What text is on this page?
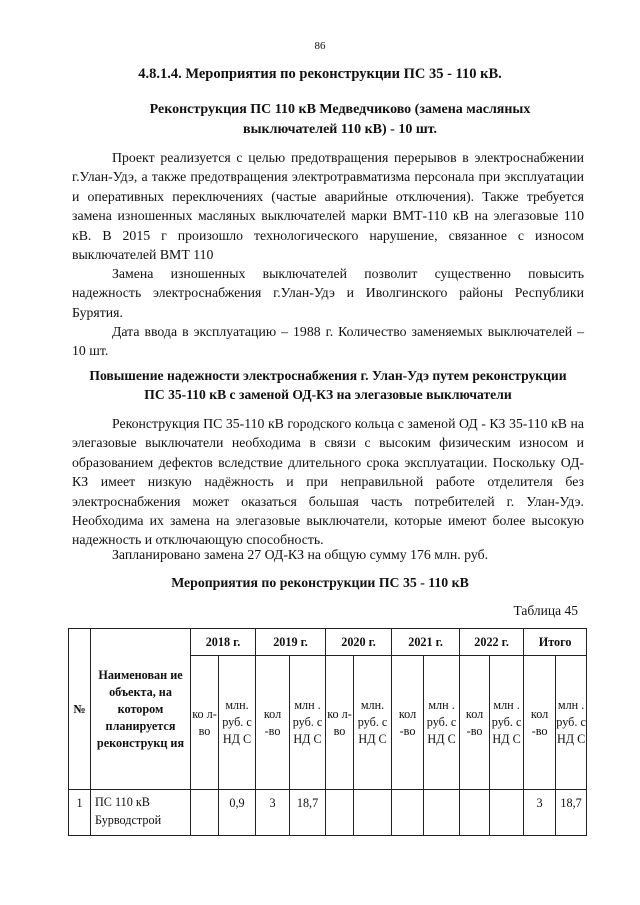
86
4.8.1.4. Мероприятия по реконструкции ПС 35 - 110 кВ.
Реконструкция ПС 110 кВ Медведчиково (замена масляных
выключателей 110 кВ) - 10 шт.

Проект реализуется с целью предотвращения перерывов в электроснабжении г.Улан-Удэ, а также предотвращения электротравматизма персонала при эксплуатации и оперативных переключениях (частые аварийные отключения). Также требуется замена изношенных масляных выключателей марки ВМТ-110 кВ на элегазовые 110 кВ. В 2015 г произошло технологического нарушение, связанное с износом выключателей ВМТ 110

Замена изношенных выключателей позволит существенно повысить надежность электроснабжения г.Улан-Удэ и Иволгинского районы Республики Бурятия.

Дата ввода в эксплуатацию – 1988 г. Количество заменяемых выключателей – 10 шт.

Повышение надежности электроснабжения г. Улан-Удэ путем реконструкции
ПС 35-110 кВ с заменой ОД-КЗ на элегазовые выключатели

Реконструкция ПС 35-110 кВ городского кольца с заменой ОД - КЗ 35-110 кВ на элегазовые выключатели необходима в связи с высоким физическим износом и образованием дефектов вследствие длительного срока эксплуатации. Поскольку ОД-КЗ имеет низкую надёжность и при неправильной работе отделителя без электроснабжения может оказаться большая часть потребителей г. Улан-Удэ. Необходима их замена на элегазовые выключатели, которые имеют более высокую надежность и отключающую способность.

Запланировано замена 27 ОД-КЗ на общую сумму 176 млн. руб.

Мероприятия по реконструкции ПС 35 - 110 кВ
Таблица 45
№	Наименован ие объекта, на котором планируется реконструкц ия	2018 г.		2019 г.		2020 г.		2021 г.		2022 г.		Итого	
		ко л- во	млн. руб. с НД С	кол -во	млн . руб. с НД С	ко л- во	млн. руб. с НД С	кол -во	млн . руб. с НД С	кол -во	млн . руб. с НД С	кол -во	млн . руб. с НД С
1	ПС 110 кВ Бурводстрой		0,9	3	18,7							3	18,7
